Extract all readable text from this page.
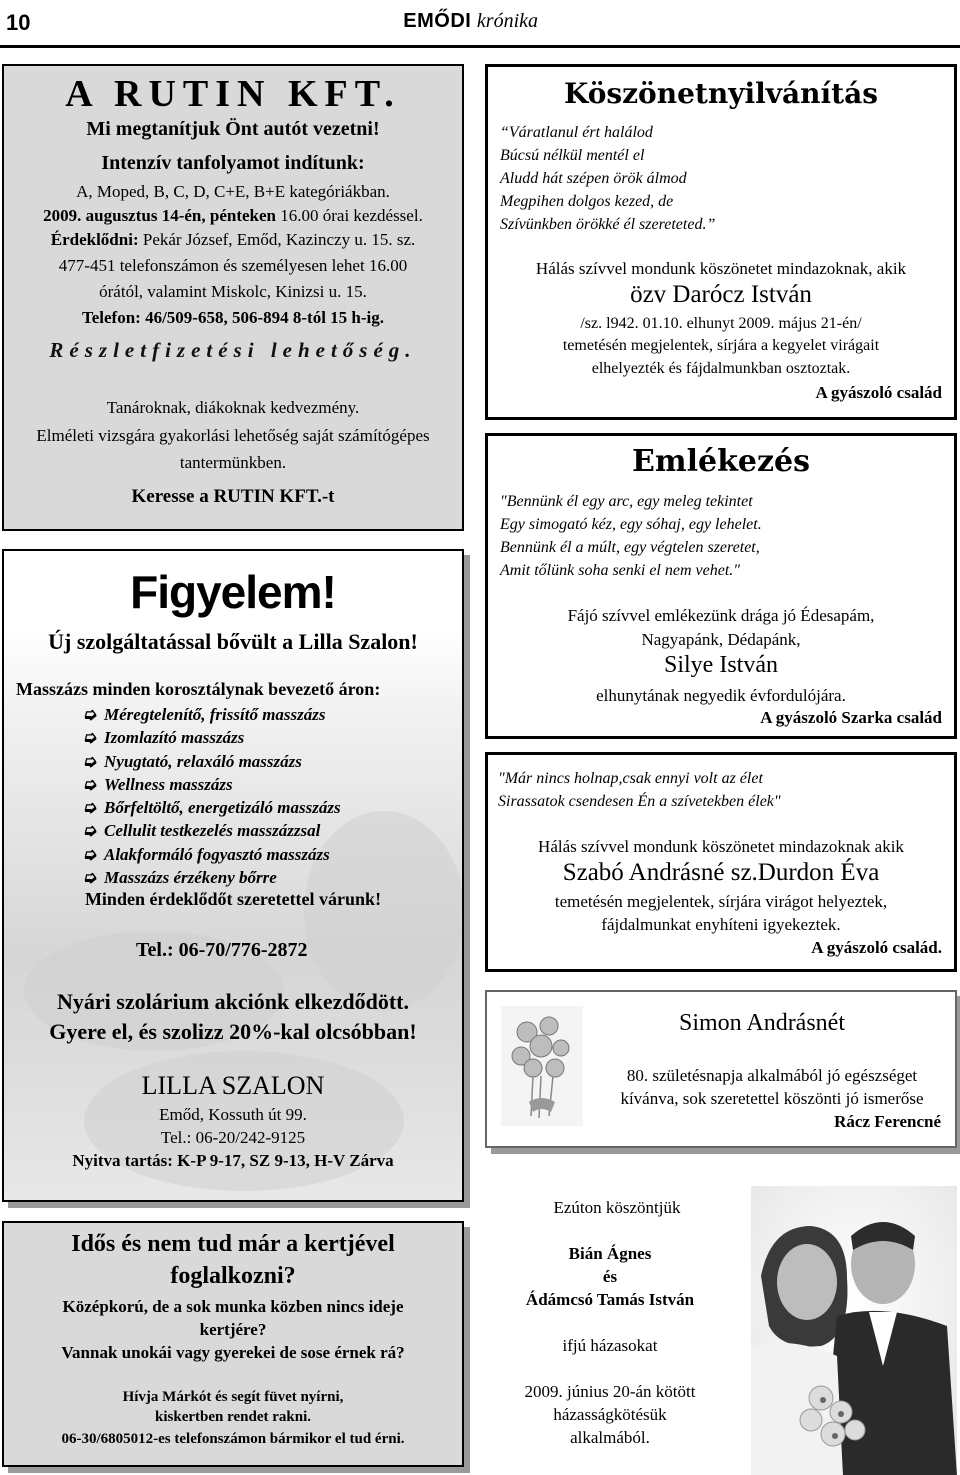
10	EMŐDI krónika
A RUTIN KFT.
Mi megtanítjuk Önt autót vezetni!
Intenzív tanfolyamot indítunk:
A, Moped, B, C, D, C+E, B+E kategóriákban.
2009. augusztus 14-én, pénteken 16.00 órai kezdéssel.
Érdeklődni: Pekár József, Emőd, Kazinczy u. 15. sz.
477-451 telefonszámon és személyesen lehet 16.00
órától, valamint Miskolc, Kinizsi u. 15.
Telefon: 46/509-658, 506-894 8-tól 15 h-ig.
Részletfizetési lehetőség.
Tanároknak, diákoknak kedvezmény.
Elméleti vizsgára gyakorlási lehetőség saját számítógépes
tantermünkben.
Keresse a RUTIN KFT.-t
Figyelem!
Új szolgáltatással bővült a Lilla Szalon!
Masszázs minden korosztálynak bevezető áron:
➭ Méregtelenítő, frissítő masszázs
➭ Izomlazító masszázs
➭ Nyugtató, relaxáló masszázs
➭ Wellness masszázs
➭ Bőrfeltöltő, energetizáló masszázs
➭ Cellulit testkezelés masszázzsal
➭ Alakformáló fogyasztó masszázs
➭ Masszázs érzékeny bőrre
Minden érdeklődőt szeretettel várunk!
Tel.: 06-70/776-2872
Nyári szolárium akciónk elkezdődött.
Gyere el, és szolizz 20%-kal olcsóbban!
LILLA SZALON
Emőd, Kossuth út 99.
Tel.: 06-20/242-9125
Nyitva tartás: K-P 9-17, SZ 9-13, H-V Zárva
Köszönetnyilvánítás
“Váratlanul ért halálod
Búcsú nélkül mentél el
Aludd hát szépen örök álmod
Megpihen dolgos kezed, de
Szívünkben örökké él szereteted.”
Hálás szívvel mondunk köszönetet mindazoknak, akik
özv Darócz István
/sz. l942. 01.10. elhunyt 2009. május 21-én/
temetésén megjelentek, sírjára a kegyelet virágait
elhelyezték és fájdalmunkban osztoztak.
A gyászoló család
Emlékezés
"Bennünk él egy arc, egy meleg tekintet
Egy simogató kéz, egy sóhaj, egy lehelet.
Bennünk él a múlt, egy végtelen szeretet,
Amit tőlünk soha senki el nem vehet."
Fájó szívvel emlékezünk drága jó Édesapám,
Nagyapánk, Dédapánk,
Silye István
elhunytának negyedik évfordulójára.
A gyászoló Szarka család
"Már nincs holnap,csak ennyi volt az élet
Sirassatok csendesen Én a szívetekben élek"
Hálás szívvel mondunk köszönetet mindazoknak akik
Szabó Andrásné sz.Durdon Éva
temetésén megjelentek, sírjára virágot helyeztek,
fájdalmunkat enyhíteni igyekeztek.
A gyászoló család.
Simon Andrásnét
80. születésnapja alkalmából jó egészséget
kívánva, sok szeretettel köszönti jó ismerőse
Rácz Ferencné
Ezúton köszöntjük
Bián Ágnes
és
Ádámcsó Tamás István
ifjú házasokat
2009. június 20-án kötött
házasságkötésük
alkalmából.
Idős és nem tud már a kertjével
foglalkozni?
Középkorú, de a sok munka közben nincs ideje
kertjére?
Vannak unokái vagy gyerekei de sose érnek rá?
Hívja Márkót és segít füvet nyírni,
kiskertben rendet rakni.
06-30/6805012-es telefonszámon bármikor el tud érni.
